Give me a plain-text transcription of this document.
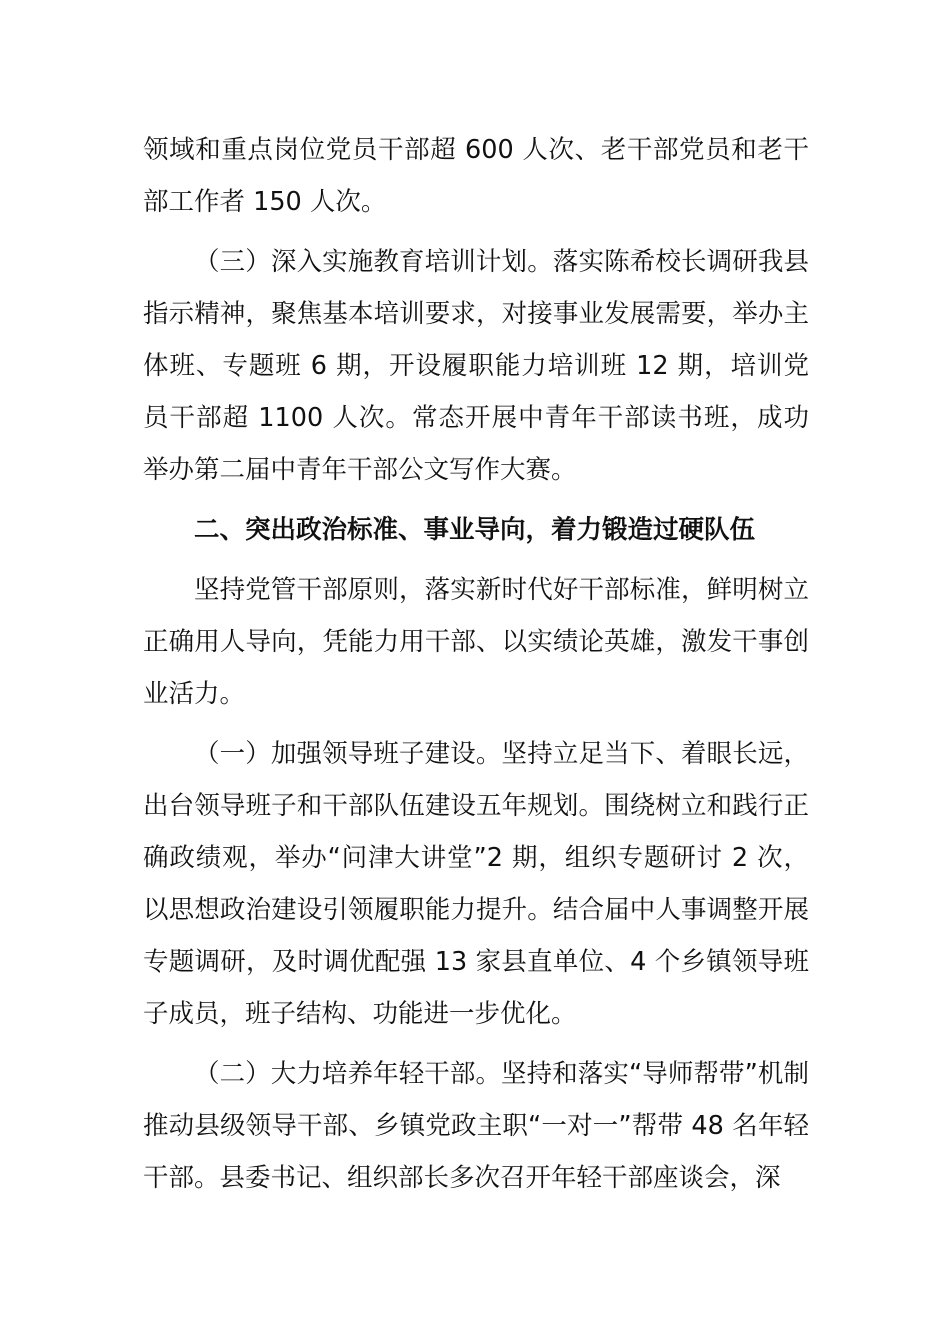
领域和重点岗位党员干部超 600 人次、老干部党员和老干部工作者 150 人次。

（三）深入实施教育培训计划。落实陈希校长调研我县指示精神，聚焦基本培训要求，对接事业发展需要，举办主体班、专题班 6 期，开设履职能力培训班 12 期，培训党员干部超 1100 人次。常态开展中青年干部读书班，成功举办第二届中青年干部公文写作大赛。

二、突出政治标准、事业导向，着力锻造过硬队伍

坚持党管干部原则，落实新时代好干部标准，鲜明树立正确用人导向，凭能力用干部、以实绩论英雄，激发干事创业活力。

（一）加强领导班子建设。坚持立足当下、着眼长远，出台领导班子和干部队伍建设五年规划。围绕树立和践行正确政绩观，举办“问津大讲堂”2 期，组织专题研讨 2 次，以思想政治建设引领履职能力提升。结合届中人事调整开展专题调研，及时调优配强 13 家县直单位、4 个乡镇领导班子成员，班子结构、功能进一步优化。

（二）大力培养年轻干部。坚持和落实“导师帮带”机制推动县级领导干部、乡镇党政主职“一对一”帮带 48 名年轻干部。县委书记、组织部长多次召开年轻干部座谈会，深
